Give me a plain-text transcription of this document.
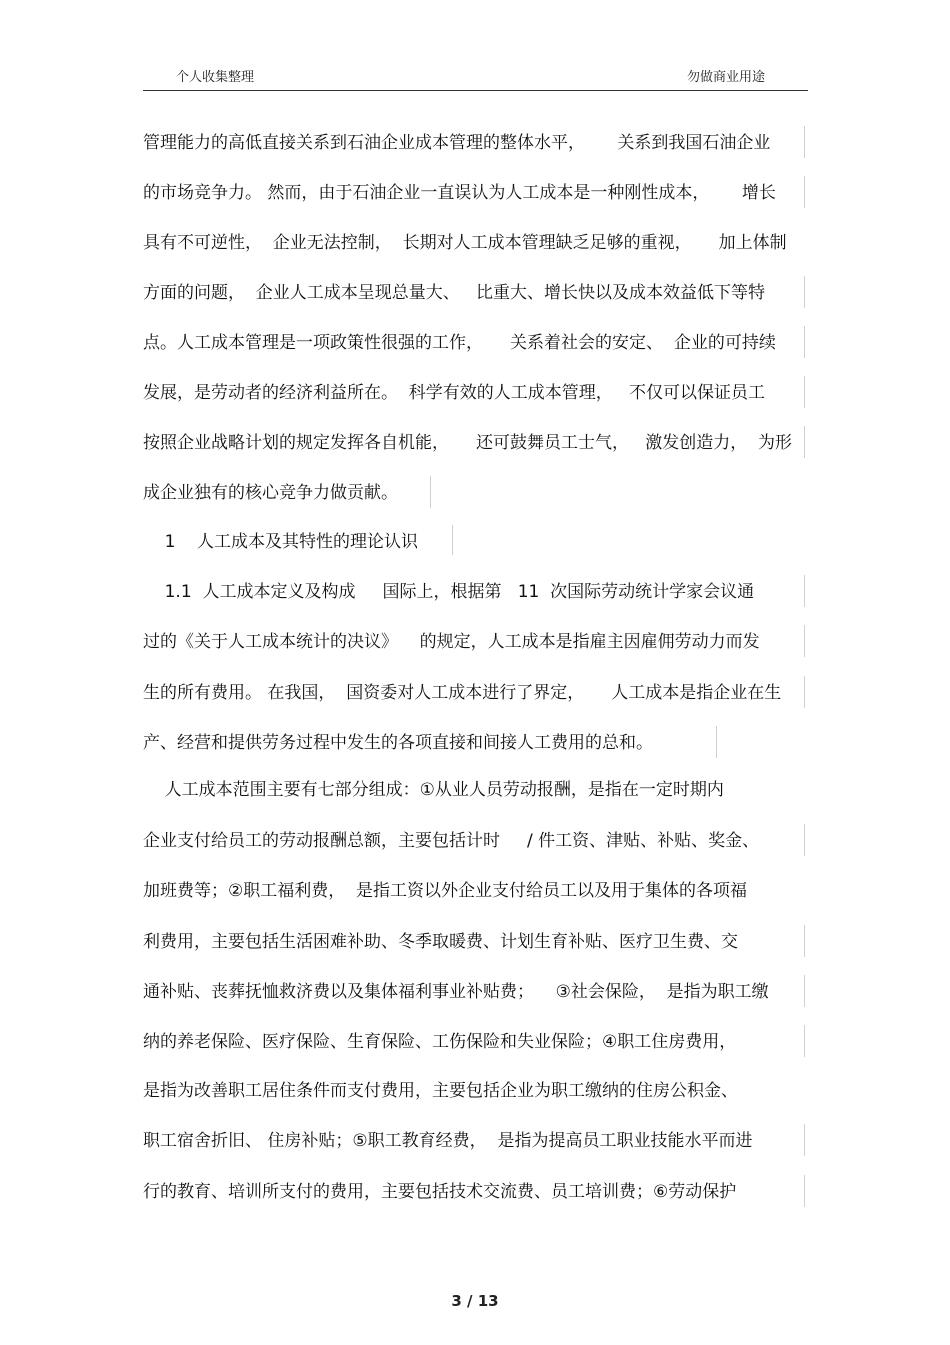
个人收集整理	勿做商业用途
管理能力的高低直接关系到石油企业成本管理的整体水平，      关系到我国石油企业
的市场竞争力。 然而，由于石油企业一直误认为人工成本是一种刚性成本，      增长
具有不可逆性，  企业无法控制，  长期对人工成本管理缺乏足够的重视，     加上体制
方面的问题，  企业人工成本呈现总量大、   比重大、增长快以及成本效益低下等特
点。人工成本管理是一项政策性很强的工作，     关系着社会的安定、  企业的可持续
发展，是劳动者的经济利益所在。  科学有效的人工成本管理，   不仅可以保证员工
按照企业战略计划的规定发挥各自机能，     还可鼓舞员工士气，   激发创造力，  为形
成企业独有的核心竞争力做贡献。
1    人工成本及其特性的理论认识
1.1  人工成本定义及构成     国际上，根据第   11  次国际劳动统计学家会议通
过的《关于人工成本统计的决议》    的规定，人工成本是指雇主因雇佣劳动力而发
生的所有费用。 在我国，  国资委对人工成本进行了界定，     人工成本是指企业在生
产、经营和提供劳务过程中发生的各项直接和间接人工费用的总和。
人工成本范围主要有七部分组成：①从业人员劳动报酬，是指在一定时期内
企业支付给员工的劳动报酬总额，主要包括计时     / 件工资、津贴、补贴、奖金、
加班费等；②职工福利费，  是指工资以外企业支付给员工以及用于集体的各项福
利费用，主要包括生活困难补助、冬季取暖费、计划生育补贴、医疗卫生费、交
通补贴、丧葬抚恤救济费以及集体福利事业补贴费；    ③社会保险，  是指为职工缴
纳的养老保险、医疗保险、生育保险、工伤保险和失业保险；④职工住房费用，
是指为改善职工居住条件而支付费用，主要包括企业为职工缴纳的住房公积金、
职工宿舍折旧、 住房补贴；⑤职工教育经费，  是指为提高员工职业技能水平而进
行的教育、培训所支付的费用，主要包括技术交流费、员工培训费；⑥劳动保护
3 / 13
